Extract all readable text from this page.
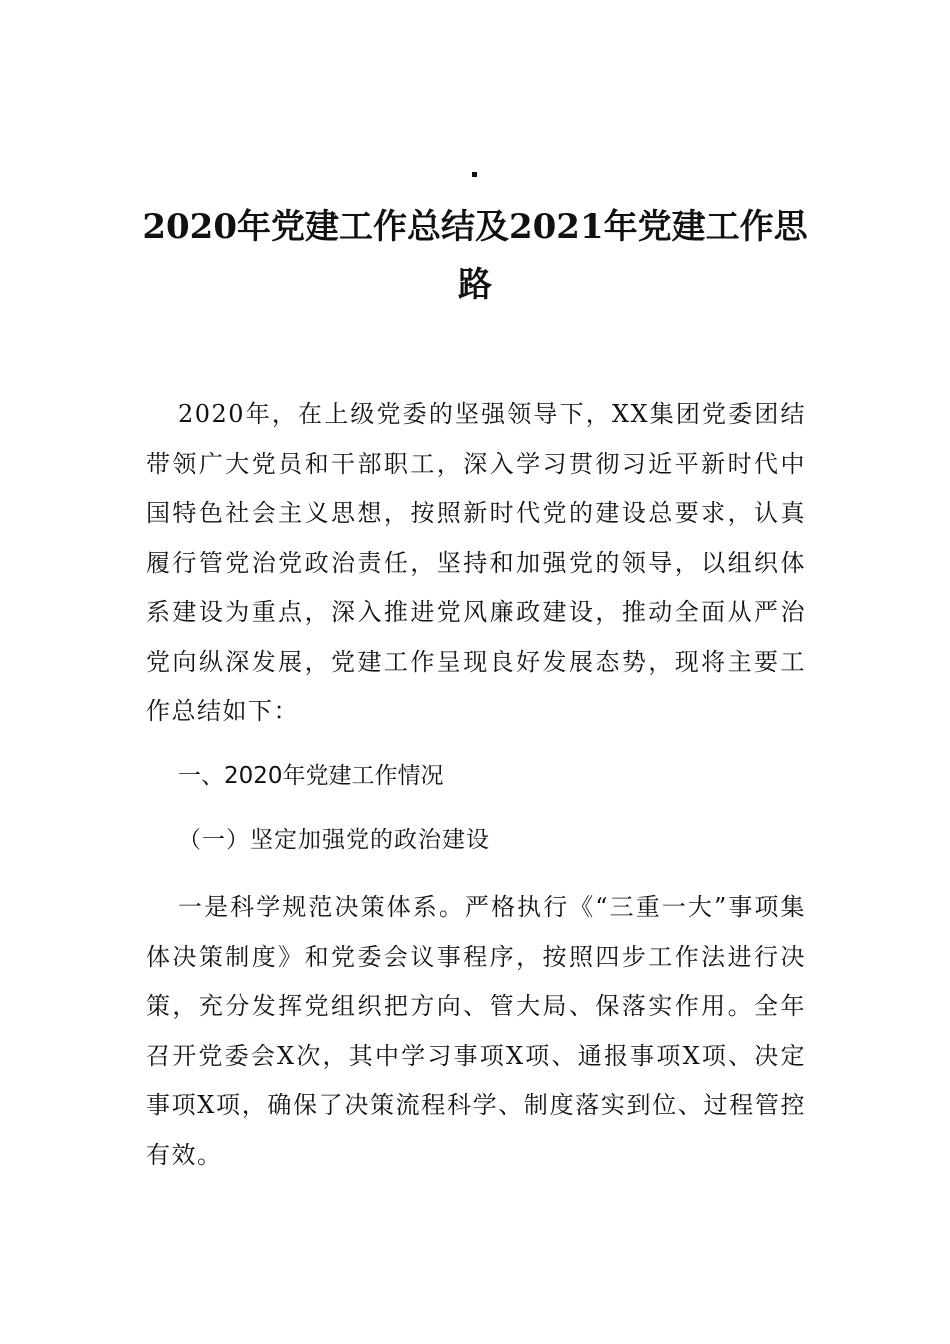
2020年党建工作总结及2021年党建工作思路
2020年，在上级党委的坚强领导下，XX集团党委团结带领广大党员和干部职工，深入学习贯彻习近平新时代中国特色社会主义思想，按照新时代党的建设总要求，认真履行管党治党政治责任，坚持和加强党的领导，以组织体系建设为重点，深入推进党风廉政建设，推动全面从严治党向纵深发展，党建工作呈现良好发展态势，现将主要工作总结如下：
一、2020年党建工作情况
（一）坚定加强党的政治建设
一是科学规范决策体系。严格执行《“三重一大”事项集体决策制度》和党委会议事程序，按照四步工作法进行决策，充分发挥党组织把方向、管大局、保落实作用。全年召开党委会X次，其中学习事项X项、通报事项X项、决定事项X项，确保了决策流程科学、制度落实到位、过程管控有效。
